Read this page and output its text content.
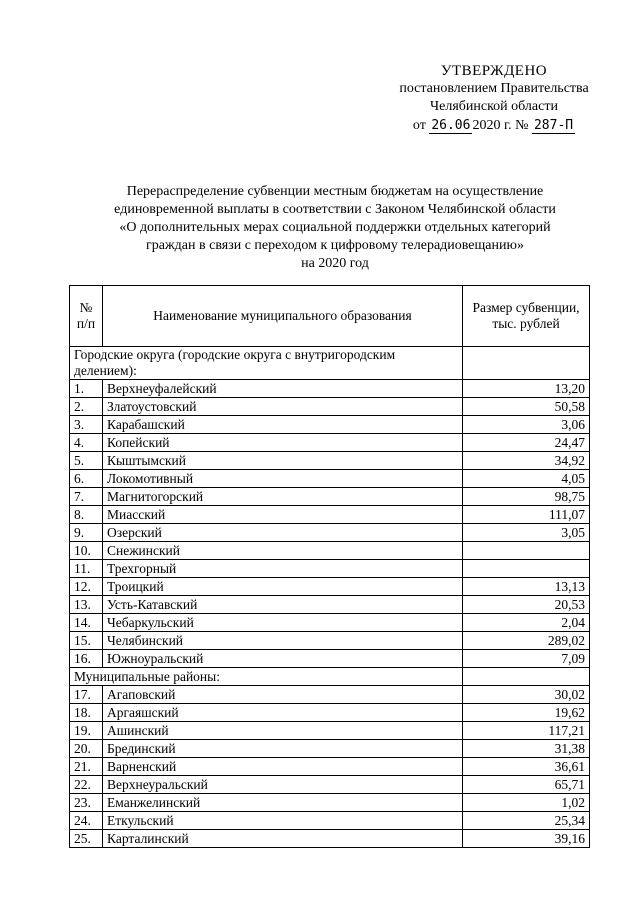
УТВЕРЖДЕНО
постановлением Правительства
Челябинской области
от 26.06 2020 г. № 287-П
Перераспределение субвенции местным бюджетам на осуществление
единовременной выплаты в соответствии с Законом Челябинской области
«О дополнительных мерах социальной поддержки отдельных категорий
граждан в связи с переходом к цифровому телерадиовещанию»
на 2020 год
№ п/п	Наименование муниципального образования	Размер субвенции, тыс. рублей
Городские округа (городские округа с внутригородским делением):		
1.	Верхнеуфалейский	13,20
2.	Златоустовский	50,58
3.	Карабашский	3,06
4.	Копейский	24,47
5.	Кыштымский	34,92
6.	Локомотивный	4,05
7.	Магнитогорский	98,75
8.	Миасский	111,07
9.	Озерский	3,05
10.	Снежинский	
11.	Трехгорный	
12.	Троицкий	13,13
13.	Усть-Катавский	20,53
14.	Чебаркульский	2,04
15.	Челябинский	289,02
16.	Южноуральский	7,09
Муниципальные районы:		
17.	Агаповский	30,02
18.	Аргаяшский	19,62
19.	Ашинский	117,21
20.	Брединский	31,38
21.	Варненский	36,61
22.	Верхнеуральский	65,71
23.	Еманжелинский	1,02
24.	Еткульский	25,34
25.	Карталинский	39,16
